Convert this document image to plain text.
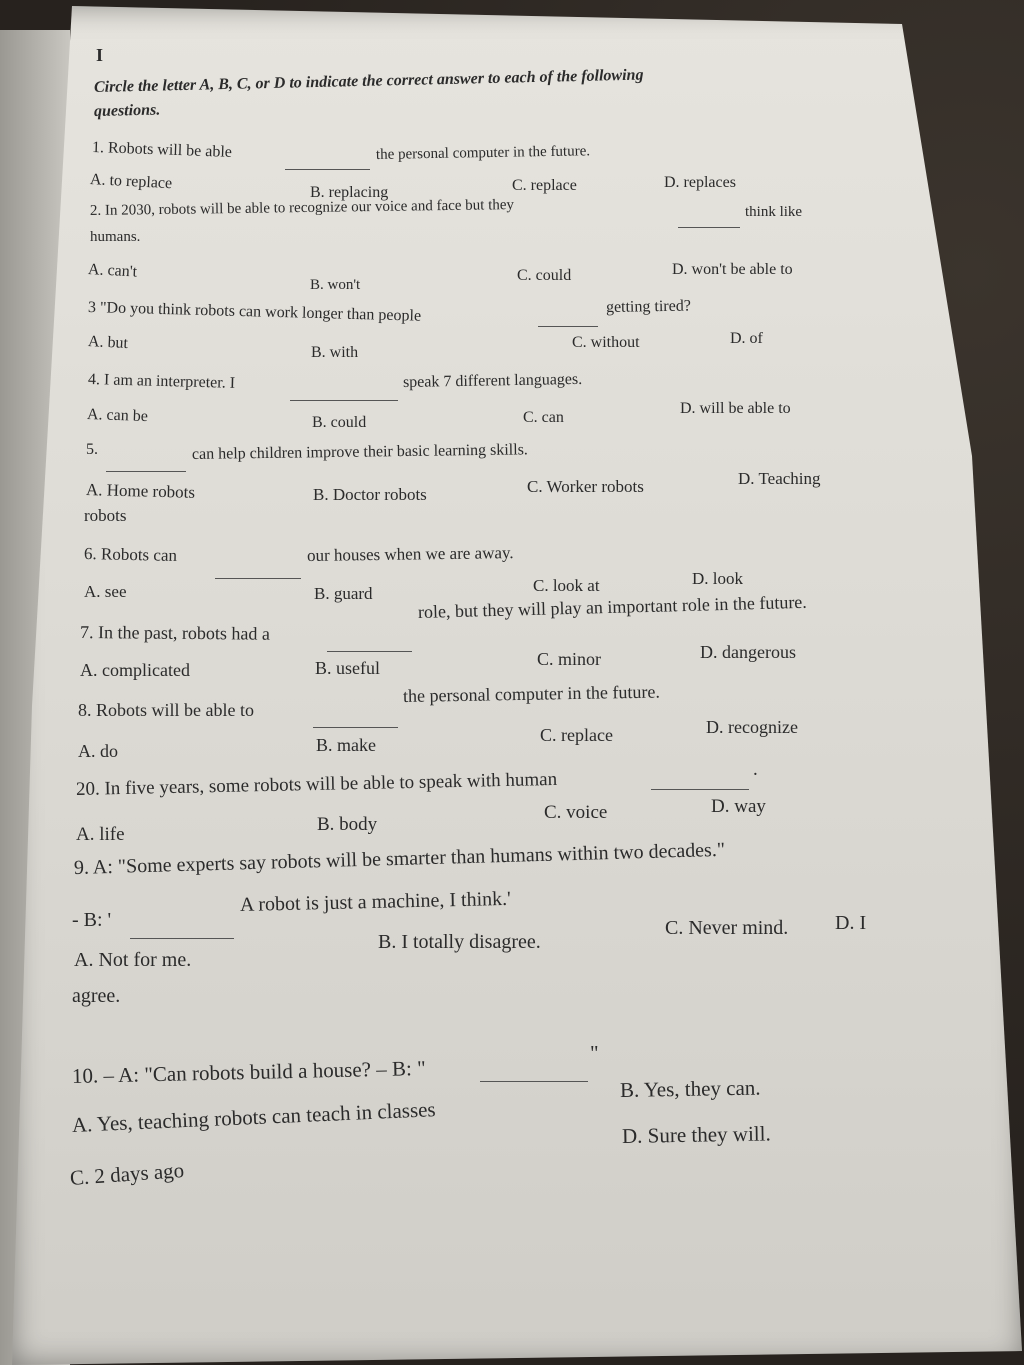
I
Circle the letter A, B, C, or D to indicate the correct answer to each of the following
questions.
1. Robots will be able	the personal computer in the future.
A. to replace
B. replacing	C. replace	D. replaces
2. In 2030, robots will be able to recognize our voice and face but they	think like
humans.
A. can't
B. won't
C. could	D. won't be able to
3 "Do you think robots can work longer than people	getting tired?
A. but
B. with
C. without	D. of
4. I am an interpreter. I	speak 7 different languages.
A. can be	B. could	C. can
D. will be able to
5.	can help children improve their basic learning skills.
A. Home robots	B. Doctor robots	C. Worker robots	D. Teaching
robots
6. Robots can	our houses when we are away.
A. see	B. guard	C. look at	D. look
7. In the past, robots had a
role, but they will play an important role in the future.
A. complicated	B. useful	C. minor	D. dangerous
8. Robots will be able to
the personal computer in the future.
A. do	B. make	C. replace	D. recognize
20. In five years, some robots will be able to speak with human	.
A. life	B. body
C. voice	D. way
9. A: "Some experts say robots will be smarter than humans within two decades."
- B: '
A robot is just a machine, I think.'
A. Not for me.
B. I totally disagree.
C. Never mind. D. I
agree.
10. – A: "Can robots build a house? – B: "
"
A. Yes, teaching robots can teach in classes
B. Yes, they can.
C. 2 days ago
D. Sure they will.
